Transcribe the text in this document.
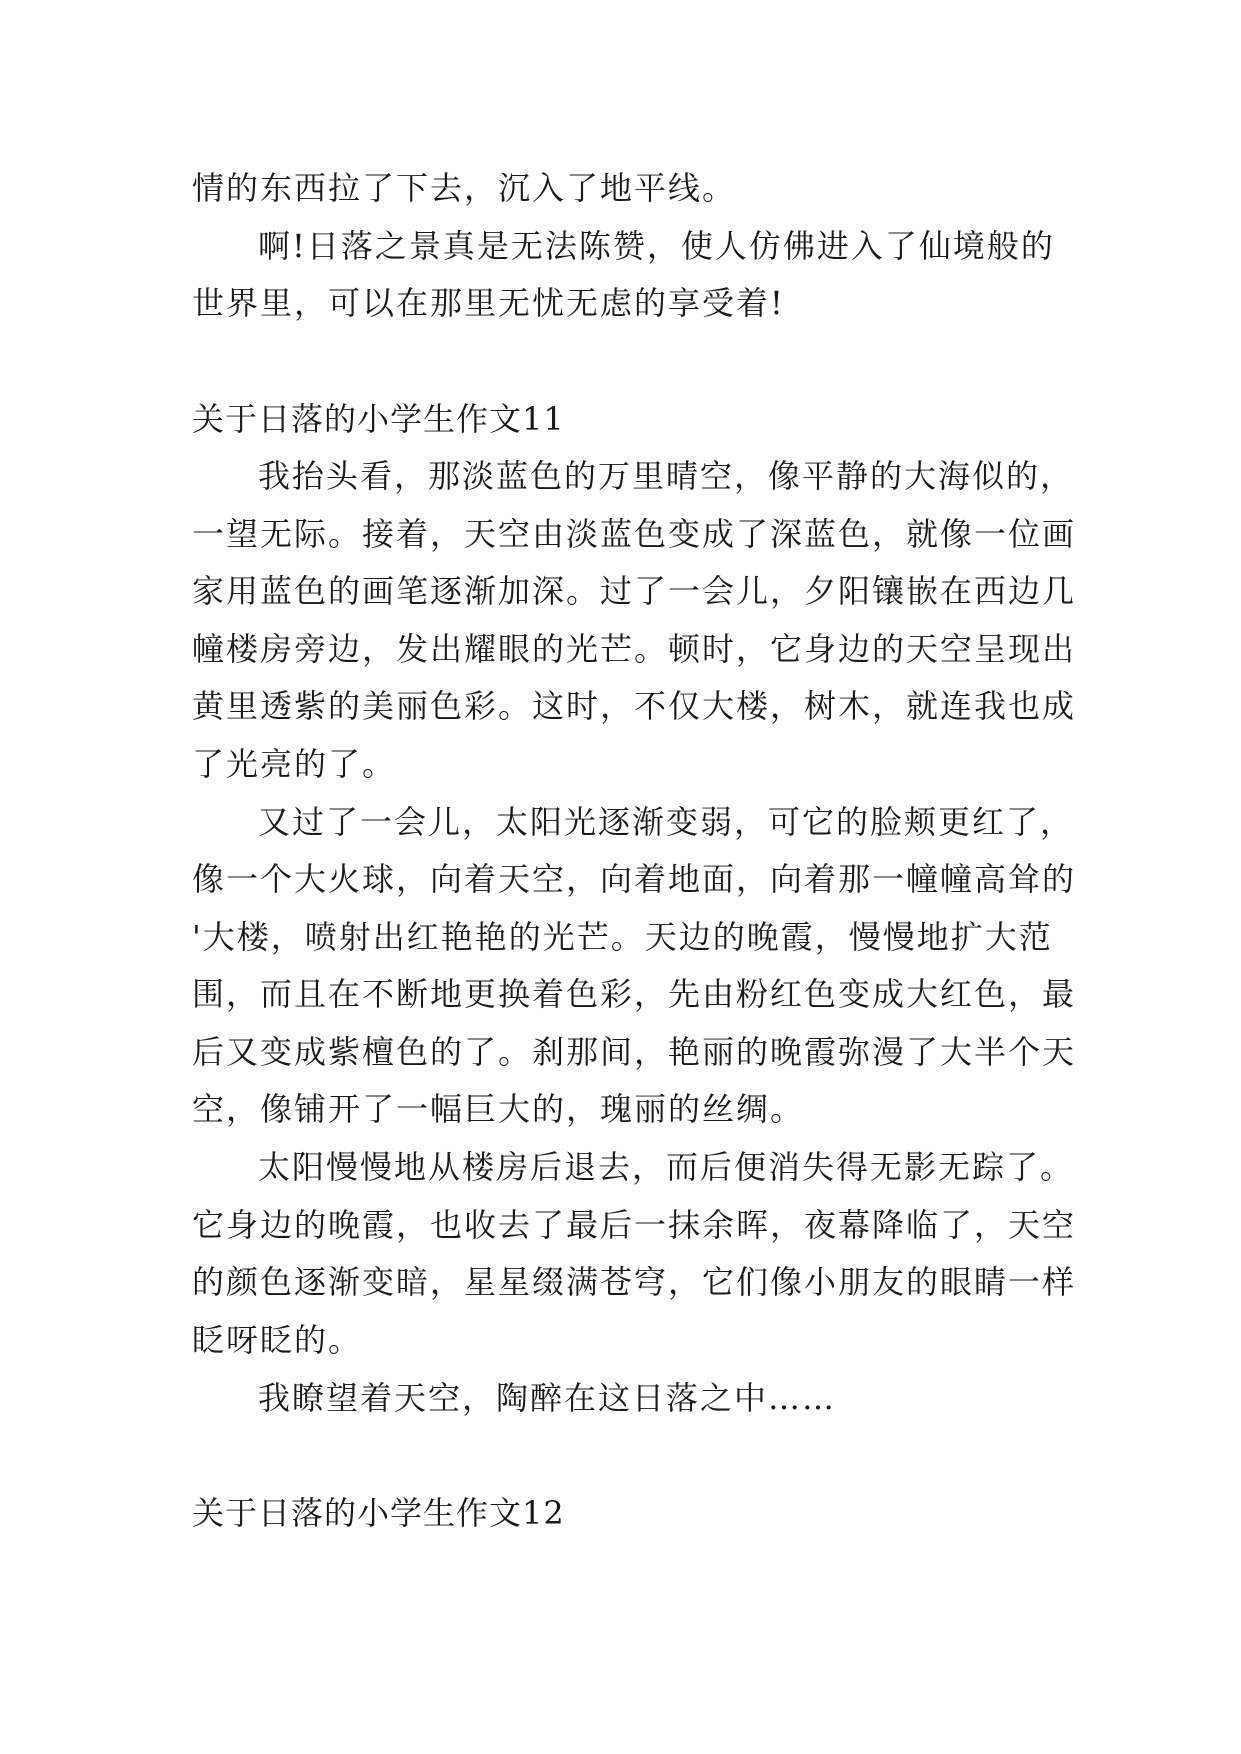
情的东西拉了下去，沉入了地平线。
啊!日落之景真是无法陈赞，使人仿佛进入了仙境般的
世界里，可以在那里无忧无虑的享受着!
关于日落的小学生作文11
我抬头看，那淡蓝色的万里晴空，像平静的大海似的，
一望无际。接着，天空由淡蓝色变成了深蓝色，就像一位画
家用蓝色的画笔逐渐加深。过了一会儿，夕阳镶嵌在西边几
幢楼房旁边，发出耀眼的光芒。顿时，它身边的天空呈现出
黄里透紫的美丽色彩。这时，不仅大楼，树木，就连我也成
了光亮的了。
又过了一会儿，太阳光逐渐变弱，可它的脸颊更红了，
像一个大火球，向着天空，向着地面，向着那一幢幢高耸的
'大楼，喷射出红艳艳的光芒。天边的晚霞，慢慢地扩大范
围，而且在不断地更换着色彩，先由粉红色变成大红色，最
后又变成紫檀色的了。刹那间，艳丽的晚霞弥漫了大半个天
空，像铺开了一幅巨大的，瑰丽的丝绸。
太阳慢慢地从楼房后退去，而后便消失得无影无踪了。
它身边的晚霞，也收去了最后一抹余晖，夜幕降临了，天空
的颜色逐渐变暗，星星缀满苍穹，它们像小朋友的眼睛一样
眨呀眨的。
我瞭望着天空，陶醉在这日落之中……
关于日落的小学生作文12
